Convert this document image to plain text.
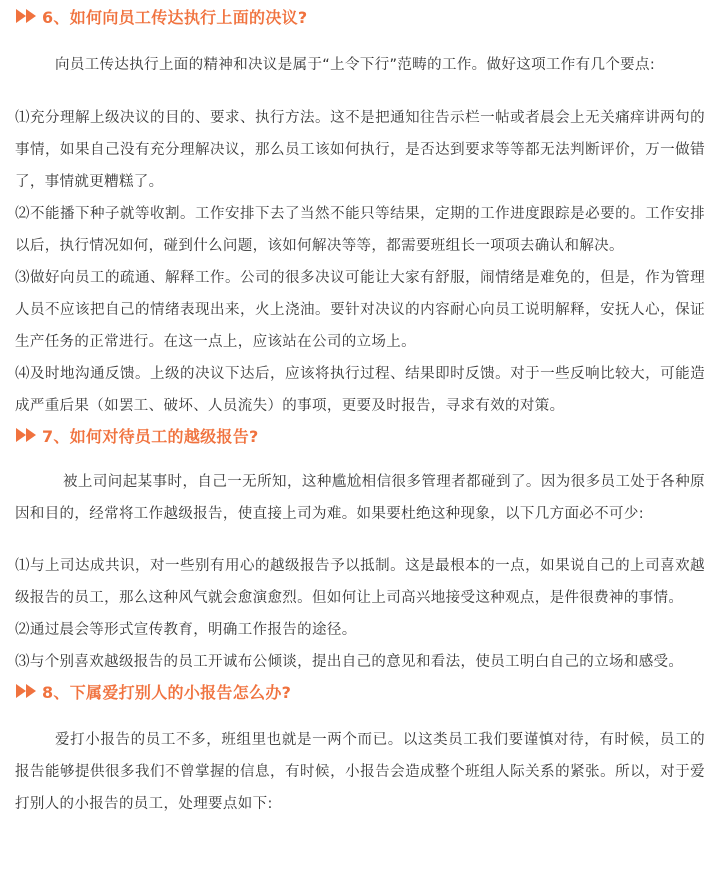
6、如何向员工传达执行上面的决议?

向员工传达执行上面的精神和决议是属于“上令下行”范畴的工作。做好这项工作有几个要点:

⑴充分理解上级决议的目的、要求、执行方法。这不是把通知往告示栏一帖或者晨会上无关痛痒讲两句的事情，如果自己没有充分理解决议，那么员工该如何执行，是否达到要求等等都无法判断评价，万一做错了，事情就更糟糕了。

⑵不能播下种子就等收割。工作安排下去了当然不能只等结果，定期的工作进度跟踪是必要的。工作安排以后，执行情况如何，碰到什么问题，该如何解决等等，都需要班组长一项项去确认和解决。

⑶做好向员工的疏通、解释工作。公司的很多决议可能让大家有舒服，闹情绪是难免的，但是，作为管理人员不应该把自己的情绪表现出来，火上浇油。要针对决议的内容耐心向员工说明解释，安抚人心，保证生产任务的正常进行。在这一点上，应该站在公司的立场上。

⑷及时地沟通反馈。上级的决议下达后，应该将执行过程、结果即时反馈。对于一些反响比较大，可能造成严重后果（如罢工、破坏、人员流失）的事项，更要及时报告，寻求有效的对策。

7、如何对待员工的越级报告?

被上司问起某事时，自己一无所知，这种尴尬相信很多管理者都碰到了。因为很多员工处于各种原因和目的，经常将工作越级报告，使直接上司为难。如果要杜绝这种现象，以下几方面必不可少:

⑴与上司达成共识，对一些别有用心的越级报告予以抵制。这是最根本的一点，如果说自己的上司喜欢越级报告的员工，那么这种风气就会愈演愈烈。但如何让上司高兴地接受这种观点，是件很费神的事情。

⑵通过晨会等形式宣传教育，明确工作报告的途径。

⑶与个别喜欢越级报告的员工开诚布公倾谈，提出自己的意见和看法，使员工明白自己的立场和感受。

8、下属爱打别人的小报告怎么办?

爱打小报告的员工不多，班组里也就是一两个而已。以这类员工我们要谨慎对待，有时候，员工的报告能够提供很多我们不曾掌握的信息，有时候，小报告会造成整个班组人际关系的紧张。所以，对于爱打别人的小报告的员工，处理要点如下:
